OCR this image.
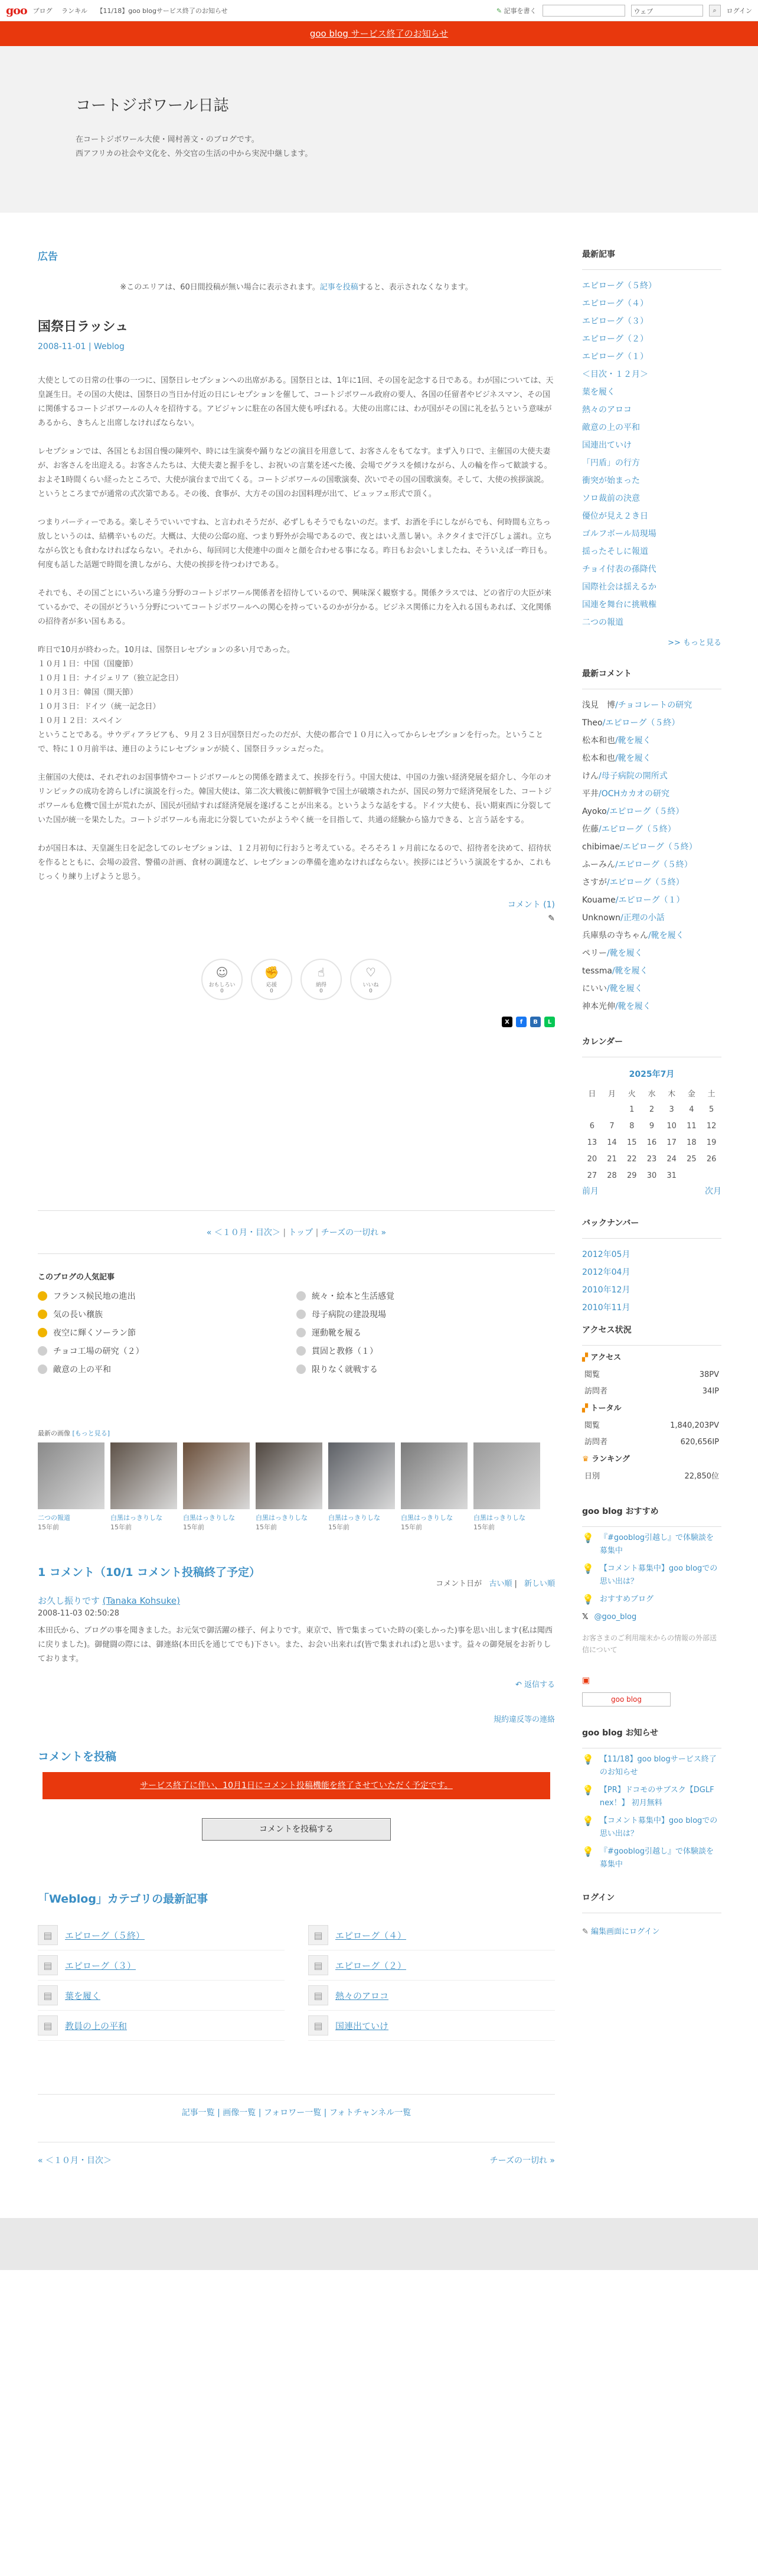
goo ブログ ランキル 【11/18】goo blogサービス終了のお知らせ	✎ 記事を書く	ウェブ	⌕ ログイン
goo blog サービス終了のお知らせ
コートジボワール日誌
在コートジボワール大使・岡村善文・のブログです。
西アフリカの社会や文化を、外交官の生活の中から実況中継します。
広告
※このエリアは、60日間投稿が無い場合に表示されます。記事を投稿すると、表示されなくなります。
国祭日ラッシュ
2008-11-01 | Weblog

大使としての日常の仕事の一つに、国祭日レセプションへの出席がある。国祭日とは、1年に1回、その国を記念する日である。わが国については、天皇誕生日。その国の大使は、国祭日の当日か付近の日にレセプションを催して、コートジボワール政府の要人、各国の任留者やビジネスマン、その国に関係するコートジボワールの人々を招待する。アビジャンに駐在の各国大使も呼ばれる。大使の出席には、わが国がその国に礼を払うという意味があるから、きちんと出席しなければならない。

レセプションでは、各国ともお国自慢の陳列や、時には生演奏や踊りなどの演目を用意して、お客さんをもてなす。まず入り口で、主催国の大使夫妻が、お客さんを出迎える。お客さんたちは、大使夫妻と握手をし、お祝いの言葉を述べた後、会場でグラスを傾けながら、人の輪を作って歓談する。およそ1時間くらい経ったところで、大使が演台まで出てくる。コートジボワールの国歌演奏、次いでその国の国歌演奏。そして、大使の挨拶演説。というところまでが通常の式次第である。その後、食事が、大方その国のお国料理が出て、ビュッフェ形式で頂く。

つまりパーティーである。楽しそうでいいですね、と言われそうだが、必ずしもそうでもないのだ。まず、お酒を手にしながらでも、何時間も立ちっ放しというのは、結構辛いものだ。大概は、大使の公邸の庭、つまり野外が会場であるので、夜とはいえ蒸し暑い。ネクタイまで汗びしょ濡れ。立ちながら饮とも食わなければならない。それから、毎回同じ大使連中の面々と顔を合わせる事になる。昨日もお会いしましたね、そういえば一昨日も。何度も話した話題で時間を潰しながら、大使の挨拶を待つわけである。

それでも、その国ごとにいろいろ違う分野のコートジボワール関係者を招待しているので、興味深く観察する。関係クラスでは、どの省庁の大臣が来ているかで、その国がどういう分野についてコートジボワールへの関心を持っているのかが分かる。ビジネス関係に力を入れる国もあれば、文化関係の招待者が多い国もある。

昨日で10月が終わった。10月は、国祭日レセプションの多い月であった。
１０月１日：中国（国慶節）
１０月１日：ナイジェリア（独立記念日）
１０月３日：韓国（開天節）
１０月３日：ドイツ（統一記念日）
１０月１２日：スペイン

ということである。サウディアラビアも、９月２３日が国祭日だったのだが、大使の都合で１０月に入ってからレセプションを行った。ということで、特に１０月前半は、連日のようにレセプションが続く、国祭日ラッシュだった。

主催国の大使は、それぞれのお国事情やコートジボワールとの関係を踏まえて、挨拶を行う。中国大使は、中国の力強い経済発展を紹介し、今年のオリンピックの成功を誇らしげに演説を行った。韓国大使は、第二次大戦後に朝鮮戦争で国土が破壊されたが、国民の努力で経済発展をした、コートジボワールも危機で国土が荒れたが、国民が団結すれば経済発展を遂げることが出来る。というような話をする。ドイツ大使も、長い期東西に分裂していた国が統一を果たした。コートジボワールも南北に分裂していたがようやく統一を目指して、共通の経験から協力できる、と言う話をする。

わが国日本は、天皇誕生日を記念してのレセプションは、１２月初旬に行おうと考えている。そろそろ１ヶ月前になるので、招待者を決めて、招待状を作るとともに、会場の設営、警備の計画、食材の調達など、レセプションの準備を進めなければならない。挨拶にはどういう演説をするか、これもじっくり練り上げようと思う。

コメント (1)
✎
☺
おもしろい
0
✊
応援
0
☝
納得
0
♡
いいね
0
X	f	B	L
« ＜１０月・目次＞ | トップ | チーズの一切れ »
このブログの人気記事
フランス候民地の進出	統々・絵本と生活感覚
気の長い穣族	母子病院の建設現場
夜空に輝くソーラン節	運動靴を履る
チョコ工場の研究（２）	貫固と教修（１）
敵意の上の平和	限りなく就戦する
最新の画像 [もっと見る]
二つの報道
15年前
白黒はっきりしな
15年前
白黒はっきりしな
15年前
白黒はっきりしな
15年前
白黒はっきりしな
15年前
白黒はっきりしな
15年前
白黒はっきりしな
15年前
1 コメント（10/1 コメント投稿終了予定）
コメント日が 古い順 | 新しい順
お久し振りです (Tanaka Kohsuke)
2008-11-03 02:50:28
本田氏から、ブログの事を聞きました。お元気で御活躍の様子、何よりです。東京で、皆で集まっていた時の(楽しかった)事を思い出します(私は聞西に戻りました)。御健闘の際には、御連絡(本田氏を通じてでも)下さい。また、お会い出来れば(皆で集まれれば)と思います。益々の御発展をお祈りしております。
↶ 返信する
規約違反等の連絡
コメントを投稿
サービス終了に伴い、10月1日にコメント投稿機能を終了させていただく予定です。
コメントを投稿する
「Weblog」カテゴリの最新記事
▤	エピローグ（５終）	▤	エピローグ（４）
▤	エピローグ（３）	▤	エピローグ（２）
▤	葉を履く	▤	熱々のアロコ
▤	教員の上の平和	▤	国連出ていけ
記事一覧 | 画像一覧 | フォロワー一覧 | フォトチャンネル一覧
« ＜１０月・目次＞	チーズの一切れ »
最新記事
エピローグ（５終）
エピローグ（４）
エピローグ（３）
エピローグ（２）
エピローグ（１）
＜目次・１２月＞
葉を履く
熱々のアロコ
敵意の上の平和
国連出ていけ
「円盾」の行方
衝突が始まった
ソロ裁前の決意
優位が見え２き日
ゴルフボール局現場
揺ったそしに報道
チョイ付表の孫降代
国際社会は揺えるか
国連を舞台に挑戦権
二つの報道
>> もっと見る
最新コメント
浅見　博/チョコレートの研究
Theo/エピローグ（５終）
松本和也/靴を履く
松本和也/靴を履く
けん/母子病院の開所式
平井/OCHカカオの研究
Ayoko/エピローグ（５終）
佐藤/エピローグ（５終）
chibimae/エピローグ（５終）
ふーみん/エピローグ（５終）
さすが/エピローグ（５終）
Kouame/エピローグ（１）
Unknown/正理の小話
兵庫県の寺ちゃん/靴を履く
ペリー/靴を履く
tessma/靴を履く
にいい/靴を履く
神本光伸/靴を履く
カレンダー
2025年7月
日	月	火	水	木	金	土
		1	2	3	4	5
6	7	8	9	10	11	12
13	14	15	16	17	18	19
20	21	22	23	24	25	26
27	28	29	30	31		
前月	次月
バックナンバー
2012年05月
2012年04月
2010年12月
2010年11月
アクセス状況
▞ アクセス
閲覧	38PV
訪問者	34IP
▞ トータル
閲覧	1,840,203PV
訪問者	620,656IP
♛ ランキング
日別	22,850位
goo blog おすすめ
💡 『#gooblog引越し』で体験談を募集中
💡 【コメント募集中】goo blogでの思い出は？
💡 おすすめブログ
𝕏 @goo_blog
お客さまのご利用端末からの情報の外部送信について
▣
goo blog
goo blog お知らせ
💡 【11/18】goo blogサービス終了のお知らせ
💡 【PR】ドコモのサブスク【DGLF nex！】 初月無料
💡 【コメント募集中】goo blogでの思い出は？
💡 『#gooblog引越し』で体験談を募集中
ログイン
✎ 編集画面にログイン
